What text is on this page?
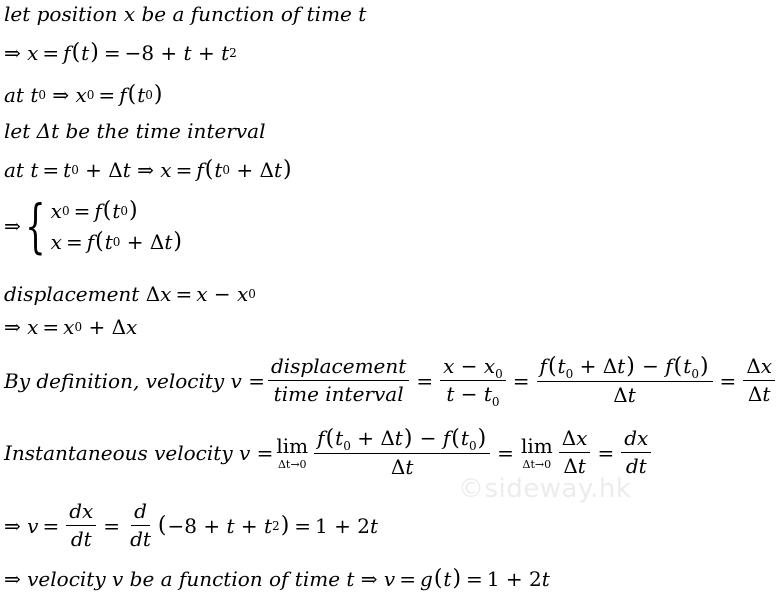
let position x be a function of time t
⇒
x = f ( t ) = −8 +
t + t 2
at
t 0
⇒
x 0 = f ( t 0 )
let Δt be the time interval
at
t = t 0 + Δ t
⇒
x = f ( t 0 + Δ t )
⇒ { x 0 = f ( t 0 )
x = f ( t 0 + Δ t )
displacement
Δ x = x − x 0
⇒
x = x 0 + Δ x
By definition, velocity $v = \frac{\text{displacement}}{\text{time interval}} = \frac{x - x_0}{t - t_0} = \frac{f(t_0 + \Delta t) - f(t_0)}{\Delta t} = \frac{\Delta x}{\Delta t}$
Instantaneous velocity v = lim
$\Delta t\to 0 \frac{f(t_0 + \Delta t) - f(t_0)}{\Delta t} = \lim$
$\Delta t\to 0 \frac{\Delta x}{\Delta t} = \frac{dx}{dt}$
⇒
$v = \frac{dx}{dt} = \frac{d}{dt}$ ( −8 + t + t 2 ) = 1 + 2 t
⇒
velocity v be a function of time t
⇒
v = g ( t ) = 1 + 2 t
©sideway.hk
